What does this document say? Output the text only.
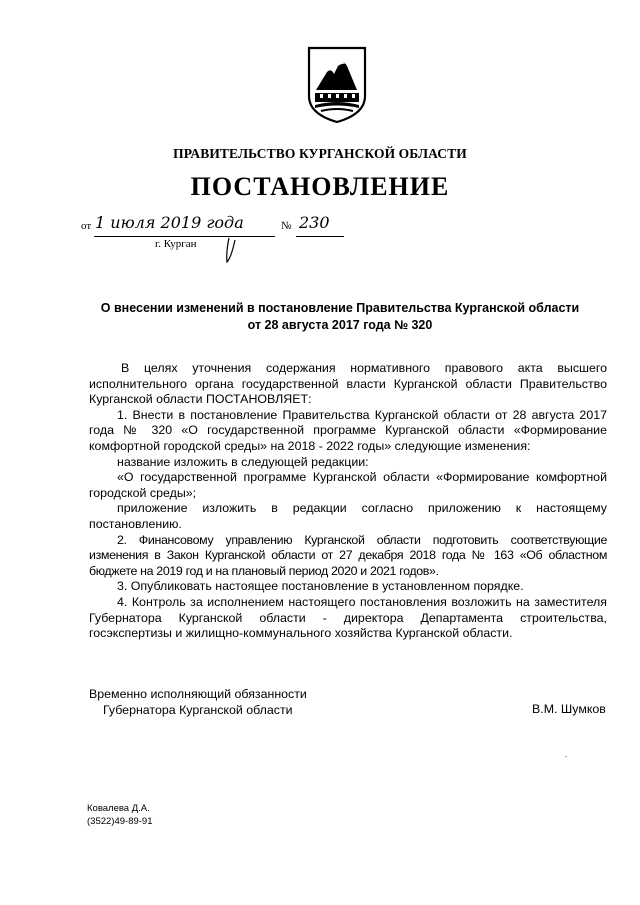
ПРАВИТЕЛЬСТВО КУРГАНСКОЙ ОБЛАСТИ
ПОСТАНОВЛЕНИЕ
от 1 июля 2019 года	№ 230
г. Курган
О внесении изменений в постановление Правительства Курганской области
от 28 августа 2017 года № 320

В целях уточнения содержания нормативного правового акта высшего исполнительного органа государственной власти Курганской области Правительство Курганской области ПОСТАНОВЛЯЕТ:

1. Внести в постановление Правительства Курганской области от 28 августа 2017 года № 320 «О государственной программе Курганской области «Формирование комфортной городской среды» на 2018 - 2022 годы» следующие изменения:

название изложить в следующей редакции:

«О государственной программе Курганской области «Формирование комфортной городской среды»;

приложение изложить в редакции согласно приложению к настоящему постановлению.

2. Финансовому управлению Курганской области подготовить соответствующие изменения в Закон Курганской области от 27 декабря 2018 года № 163 «Об областном бюджете на 2019 год и на плановый период 2020 и 2021 годов».

3. Опубликовать настоящее постановление в установленном порядке.

4. Контроль за исполнением настоящего постановления возложить на заместителя Губернатора Курганской области - директора Департамента строительства, госэкспертизы и жилищно-коммунального хозяйства Курганской области.

Временно исполняющий обязанности
Губернатора Курганской области	В.М. Шумков
Ковалева Д.А.
(3522)49-89-91
